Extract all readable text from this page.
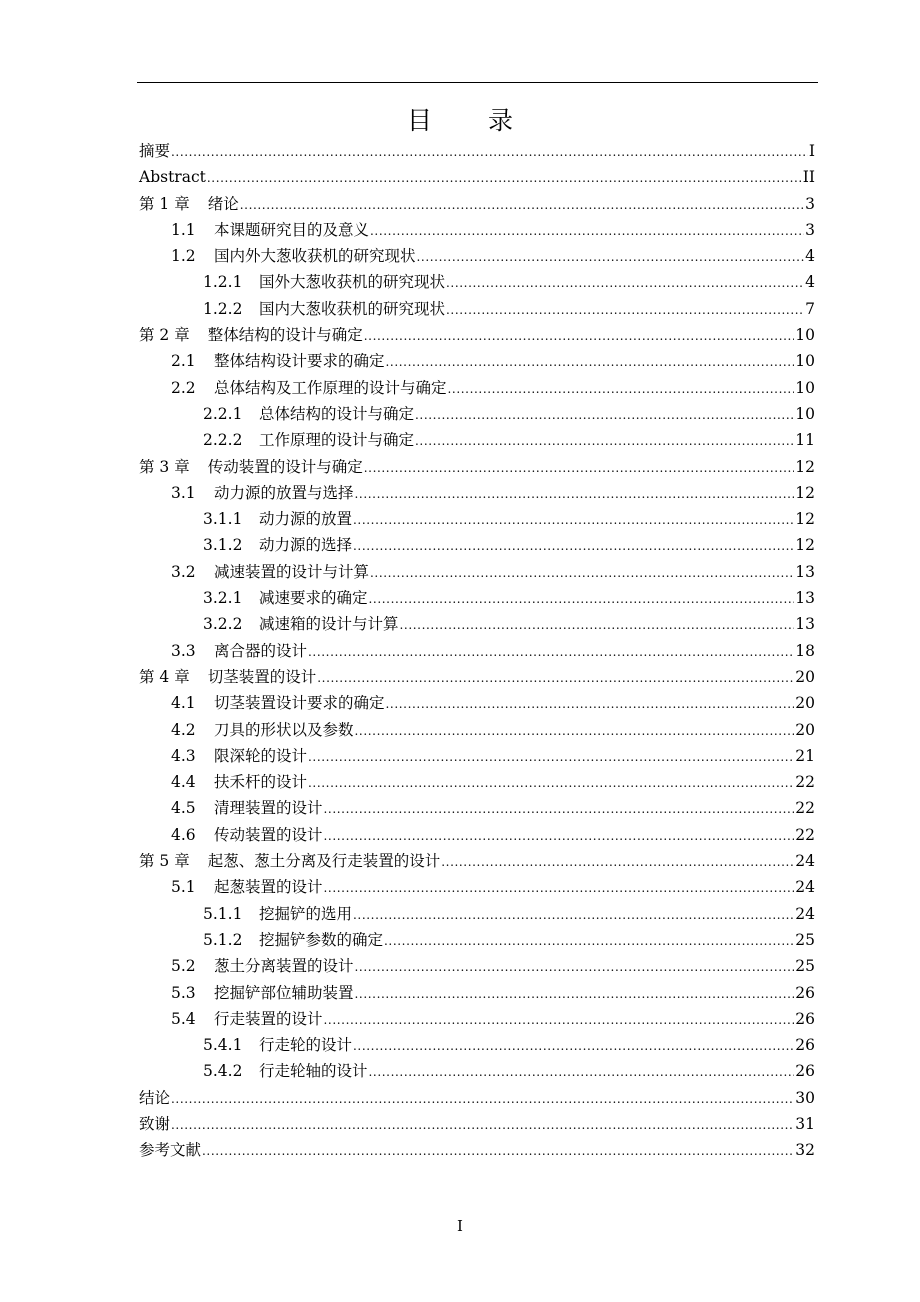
目 录
摘要 .....	I
Abstract .....	II
第 1 章 绪论 .....	3
1.1	本课题研究目的及意义 .....	3
1.2	国内外大葱收获机的研究现状 .....	4
1.2.1	国外大葱收获机的研究现状 .....	4
1.2.2	国内大葱收获机的研究现状 .....	7
第 2 章 整体结构的设计与确定 .....	10
2.1	整体结构设计要求的确定 .....	10
2.2	总体结构及工作原理的设计与确定 .....	10
2.2.1	总体结构的设计与确定 .....	10
2.2.2	工作原理的设计与确定 .....	11
第 3 章 传动装置的设计与确定 .....	12
3.1	动力源的放置与选择 .....	12
3.1.1	动力源的放置 .....	12
3.1.2	动力源的选择 .....	12
3.2	减速装置的设计与计算 .....	13
3.2.1	减速要求的确定 .....	13
3.2.2	减速箱的设计与计算 .....	13
3.3	离合器的设计 .....	18
第 4 章 切茎装置的设计 .....	20
4.1	切茎装置设计要求的确定 .....	20
4.2	刀具的形状以及参数 .....	20
4.3	限深轮的设计 .....	21
4.4	扶禾杆的设计 .....	22
4.5	清理装置的设计 .....	22
4.6	传动装置的设计 .....	22
第 5 章 起葱、葱土分离及行走装置的设计 .....	24
5.1	起葱装置的设计 .....	24
5.1.1	挖掘铲的选用 .....	24
5.1.2	挖掘铲参数的确定 .....	25
5.2	葱土分离装置的设计 .....	25
5.3	挖掘铲部位辅助装置 .....	26
5.4	行走装置的设计 .....	26
5.4.1	行走轮的设计 .....	26
5.4.2	行走轮轴的设计 .....	26
结论 .....	30
致谢 .....	31
参考文献 .....	32
I
